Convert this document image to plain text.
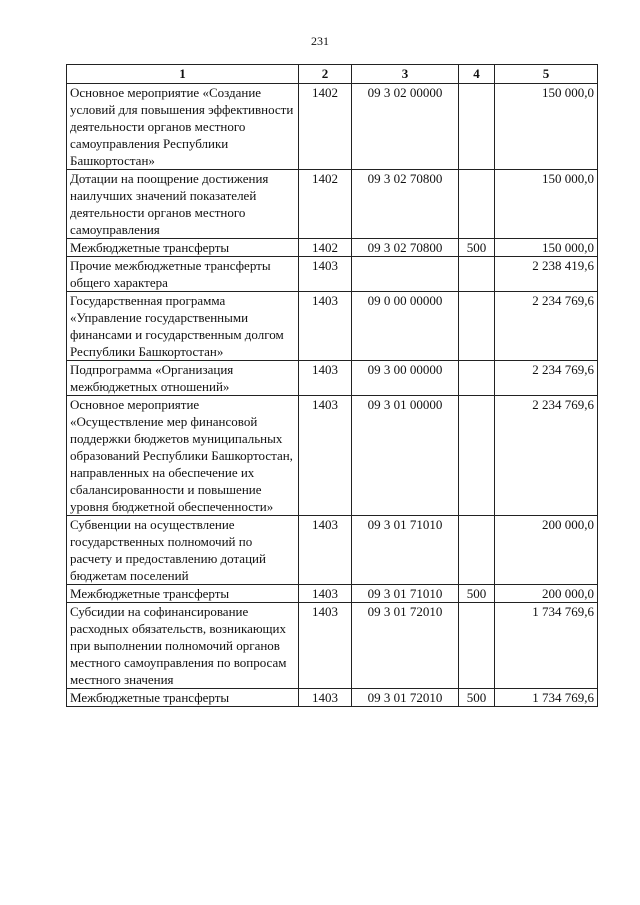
231
1	2	3	4	5
Основное мероприятие «Создание условий для повышения эффективности деятельности органов местного самоуправления Республики Башкортостан»	1402	09 3 02 00000		150 000,0
Дотации на поощрение достижения наилучших значений показателей деятельности органов местного самоуправления	1402	09 3 02 70800		150 000,0
Межбюджетные трансферты	1402	09 3 02 70800	500	150 000,0
Прочие межбюджетные трансферты общего характера	1403			2 238 419,6
Государственная программа «Управление государственными финансами и государственным долгом Республики Башкортостан»	1403	09 0 00 00000		2 234 769,6
Подпрограмма «Организация межбюджетных отношений»	1403	09 3 00 00000		2 234 769,6
Основное мероприятие «Осуществление мер финансовой поддержки бюджетов муниципальных образований Республики Башкортостан, направленных на обеспечение их сбалансированности и повышение уровня бюджетной обеспеченности»	1403	09 3 01 00000		2 234 769,6
Субвенции на осуществление государственных полномочий по расчету и предоставлению дотаций бюджетам поселений	1403	09 3 01 71010		200 000,0
Межбюджетные трансферты	1403	09 3 01 71010	500	200 000,0
Субсидии на софинансирование расходных обязательств, возникающих при выполнении полномочий органов местного самоуправления по вопросам местного значения	1403	09 3 01 72010		1 734 769,6
Межбюджетные трансферты	1403	09 3 01 72010	500	1 734 769,6
